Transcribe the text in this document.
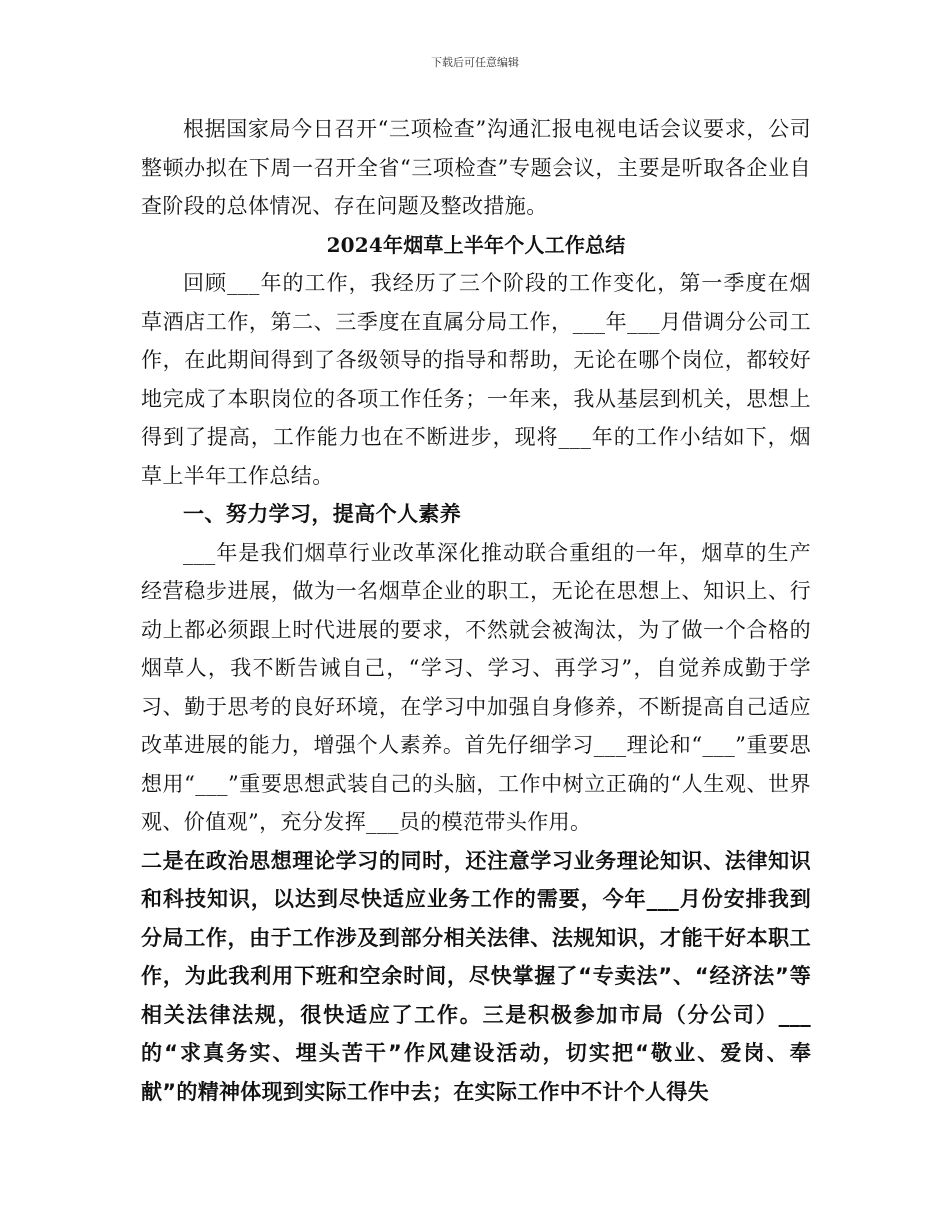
下载后可任意编辑

根据国家局今日召开“三项检查”沟通汇报电视电话会议要求，公司整顿办拟在下周一召开全省“三项检查”专题会议，主要是听取各企业自查阶段的总体情况、存在问题及整改措施。

2024年烟草上半年个人工作总结

回顾___年的工作，我经历了三个阶段的工作变化，第一季度在烟草酒店工作，第二、三季度在直属分局工作，___年___月借调分公司工作，在此期间得到了各级领导的指导和帮助，无论在哪个岗位，都较好地完成了本职岗位的各项工作任务；一年来，我从基层到机关，思想上得到了提高，工作能力也在不断进步，现将___年的工作小结如下，烟草上半年工作总结。

一、努力学习，提高个人素养

___年是我们烟草行业改革深化推动联合重组的一年，烟草的生产经营稳步进展，做为一名烟草企业的职工，无论在思想上、知识上、行动上都必须跟上时代进展的要求，不然就会被淘汰，为了做一个合格的烟草人，我不断告诫自己，“学习、学习、再学习”，自觉养成勤于学习、勤于思考的良好环境，在学习中加强自身修养，不断提高自己适应改革进展的能力，增强个人素养。首先仔细学习___理论和“___”重要思想用“___”重要思想武装自己的头脑，工作中树立正确的“人生观、世界观、价值观”，充分发挥___员的模范带头作用。

二是在政治思想理论学习的同时，还注意学习业务理论知识、法律知识和科技知识，以达到尽快适应业务工作的需要，今年___月份安排我到分局工作，由于工作涉及到部分相关法律、法规知识，才能干好本职工作，为此我利用下班和空余时间，尽快掌握了“专卖法”、“经济法”等相关法律法规，很快适应了工作。三是积极参加市局（分公司）___的“求真务实、埋头苦干”作风建设活动，切实把“敬业、爱岗、奉献”的精神体现到实际工作中去；在实际工作中不计个人得失
